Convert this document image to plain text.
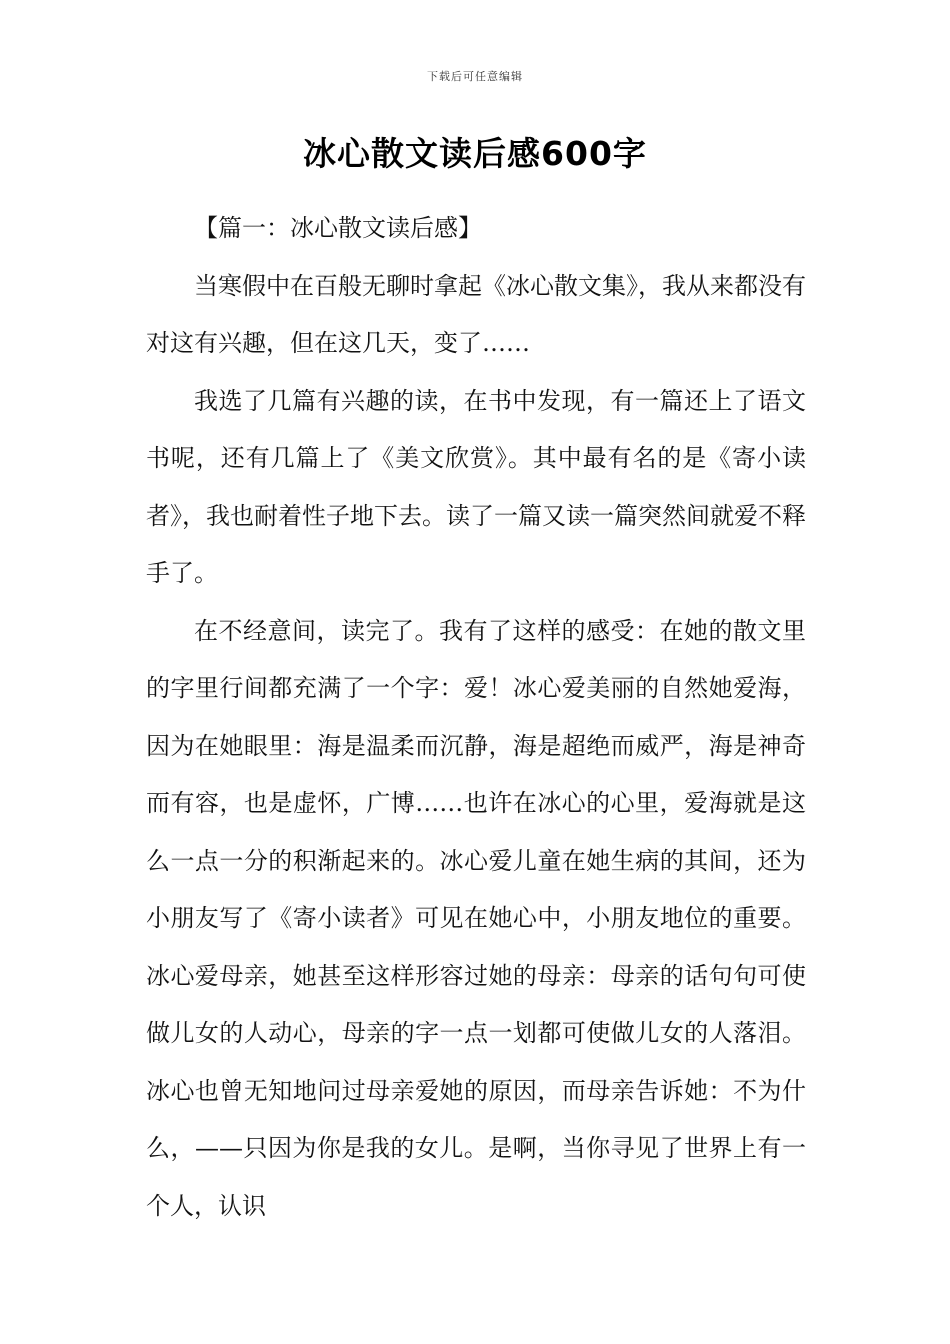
下载后可任意编辑
冰心散文读后感600字

【篇一：冰心散文读后感】

当寒假中在百般无聊时拿起《冰心散文集》，我从来都没有对这有兴趣，但在这几天，变了……

我选了几篇有兴趣的读，在书中发现，有一篇还上了语文书呢，还有几篇上了《美文欣赏》。其中最有名的是《寄小读者》，我也耐着性子地下去。读了一篇又读一篇突然间就爱不释手了。

在不经意间，读完了。我有了这样的感受：在她的散文里的字里行间都充满了一个字：爱！冰心爱美丽的自然她爱海，因为在她眼里：海是温柔而沉静，海是超绝而威严，海是神奇而有容，也是虚怀，广博……也许在冰心的心里，爱海就是这么一点一分的积渐起来的。冰心爱儿童在她生病的其间，还为小朋友写了《寄小读者》可见在她心中，小朋友地位的重要。冰心爱母亲，她甚至这样形容过她的母亲：母亲的话句句可使做儿女的人动心，母亲的字一点一划都可使做儿女的人落泪。冰心也曾无知地问过母亲爱她的原因，而母亲告诉她：不为什么，——只因为你是我的女儿。是啊，当你寻见了世界上有一个人，认识
